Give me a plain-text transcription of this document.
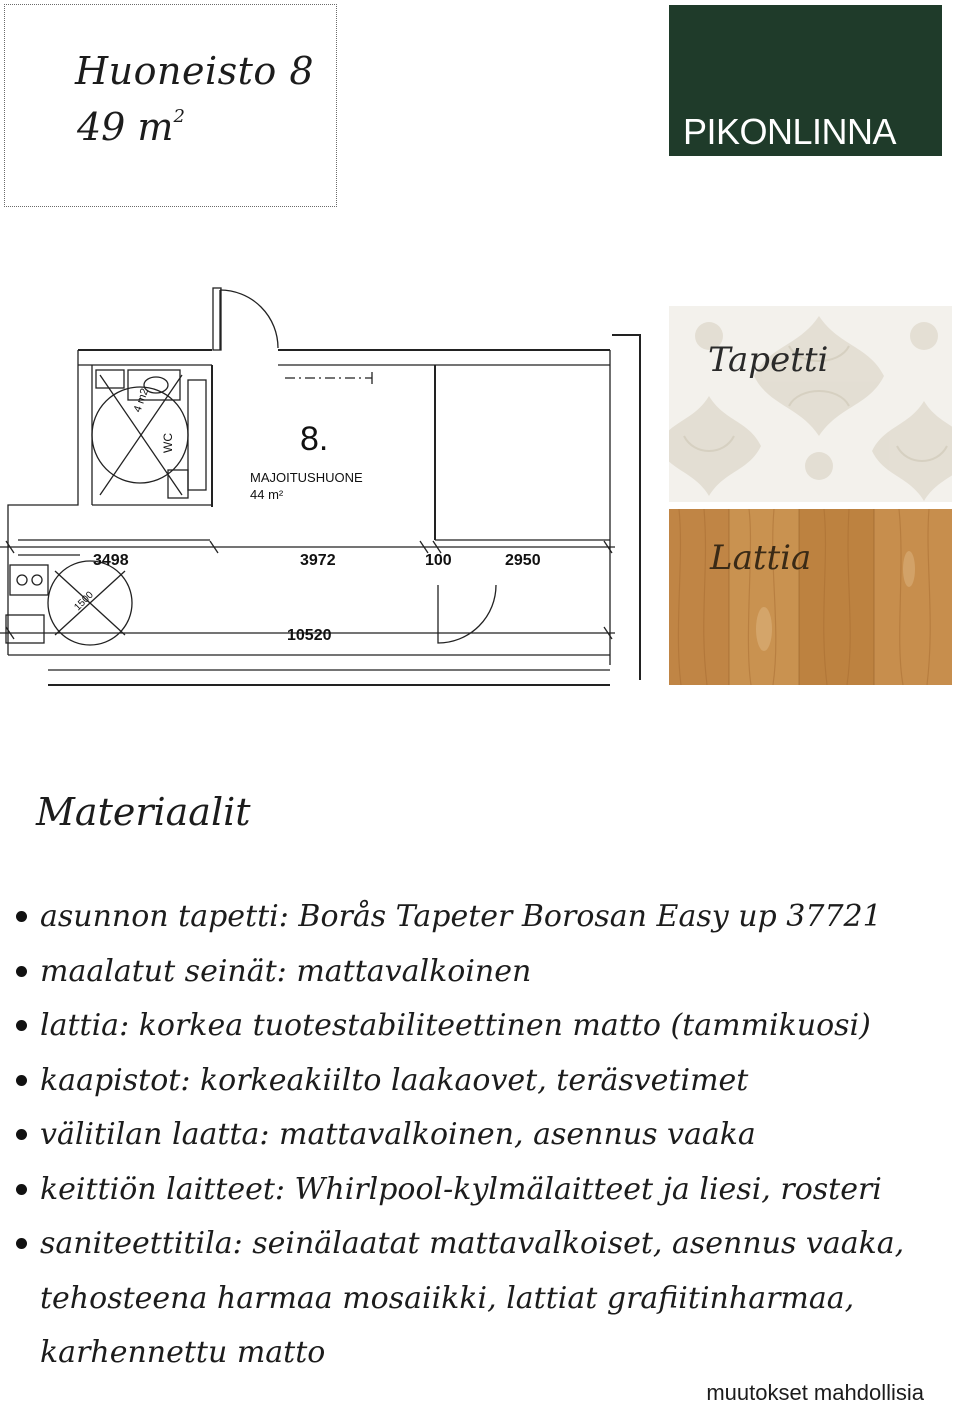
Huoneisto 8
49 $m^2$	PIKONLINNA
8.
MAJOITUSHUONE
44 m²
4 m2
WC
3498	3972	100	2950
10520
1500
Tapetti
Lattia
Materiaalit
asunnon tapetti: Borås Tapeter Borosan Easy up 37721
maalatut seinät: mattavalkoinen
lattia: korkea tuotestabiliteettinen matto (tammikuosi)
kaapistot: korkeakiilto laakaovet, teräsvetimet
välitilan laatta: mattavalkoinen, asennus vaaka
keittiön laitteet: Whirlpool-kylmälaitteet ja liesi, rosteri
saniteettitila: seinälaatat mattavalkoiset, asennus vaaka,
tehosteena harmaa mosaiikki, lattiat grafiitinharmaa,
karhennettu matto
muutokset mahdollisia
